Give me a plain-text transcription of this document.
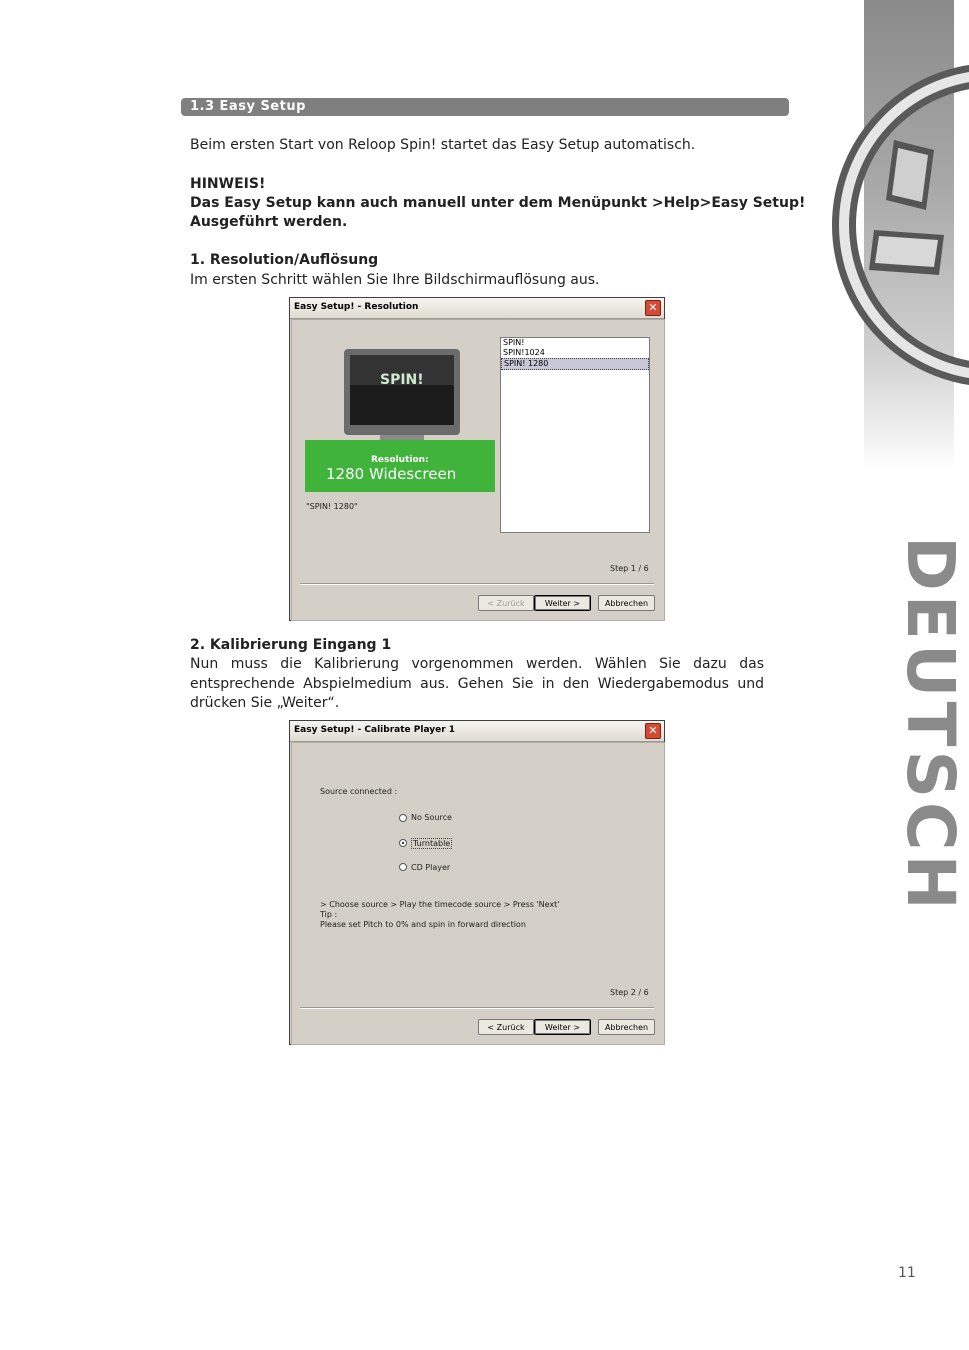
DEUTSCH
1.3 Easy Setup
Beim ersten Start von Reloop Spin! startet das Easy Setup automatisch.
HINWEIS!
Das Easy Setup kann auch manuell unter dem Menüpunkt >Help>Easy Setup!
Ausgeführt werden.
1. Resolution/Auflösung
Im ersten Schritt wählen Sie Ihre Bildschirmauflösung aus.
Easy Setup! - Resolution	✕
SPIN!
Resolution:
1280 Widescreen
"SPIN! 1280"
SPIN!
SPIN!1024
SPIN! 1280
Step 1 / 6
< Zurück	Weiter >	Abbrechen
2. Kalibrierung Eingang 1
Nun muss die Kalibrierung vorgenommen werden. Wählen Sie dazu das
entsprechende Abspielmedium aus. Gehen Sie in den Wiedergabemodus und
drücken Sie „Weiter“.
Easy Setup! - Calibrate Player 1	✕
Source connected :
No Source
Turntable
CD Player
> Choose source > Play the timecode source > Press 'Next'
Tip :
Please set Pitch to 0% and spin in forward direction
Step 2 / 6
< Zurück	Weiter >	Abbrechen
11
